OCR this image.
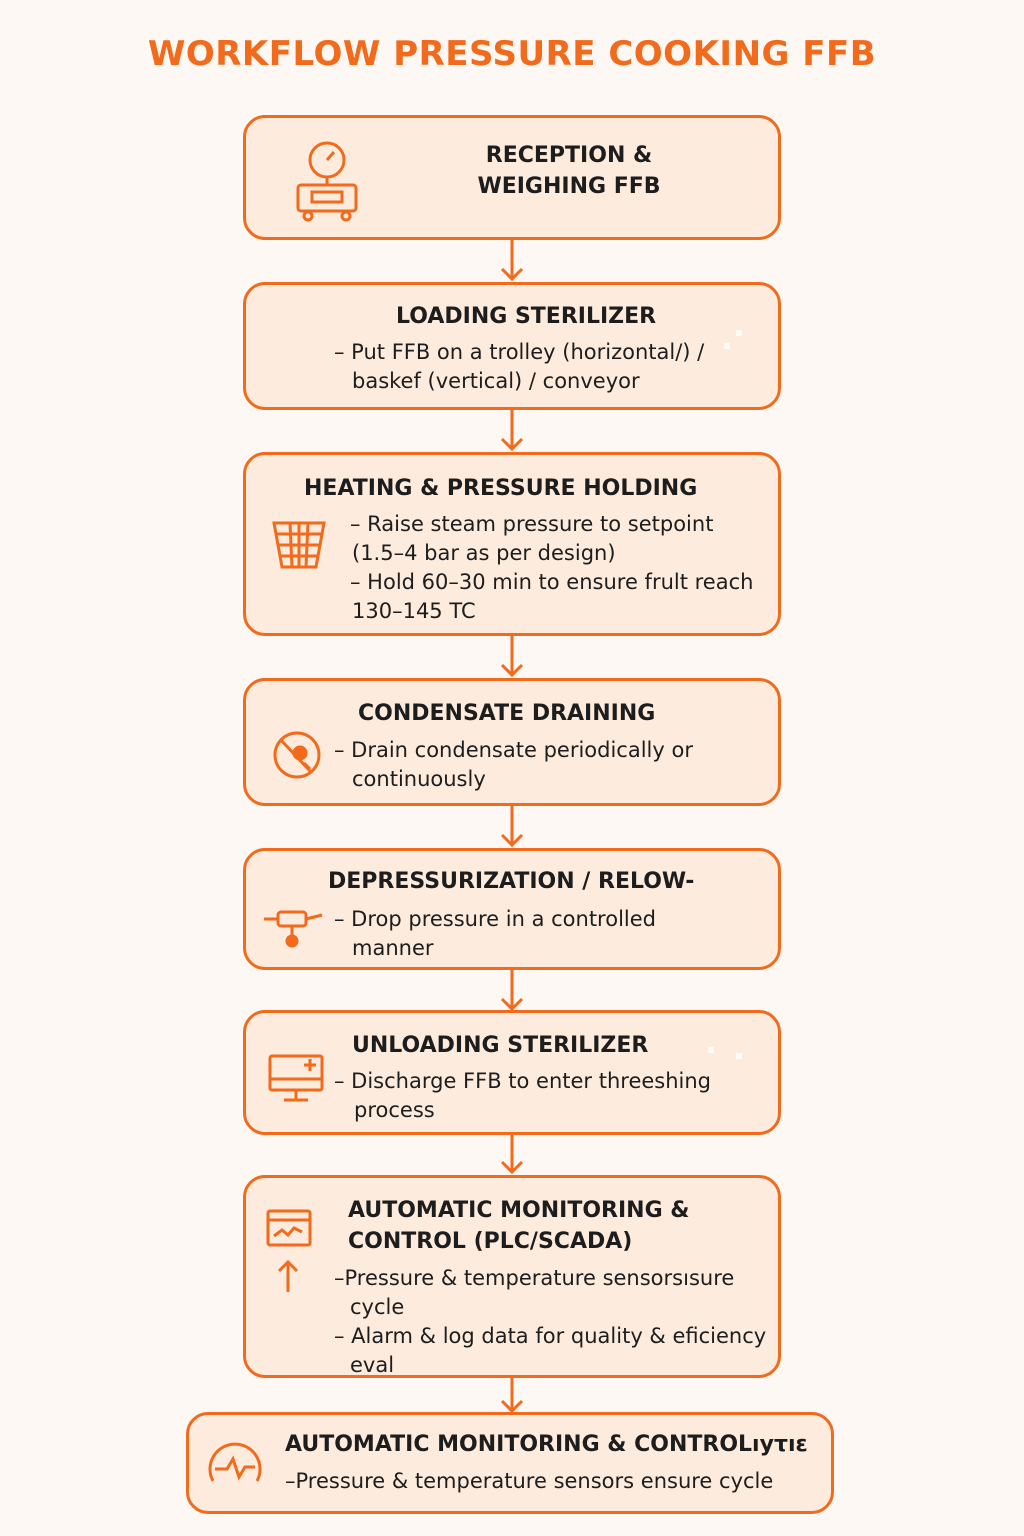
WORKFLOW PRESSURE COOKING FFB
RECEPTION &
WEIGHING FFB
LOADING STERILIZER
– Put FFB on a trolley (horizontal/) /
baskef (vertical) / conveyor
HEATING & PRESSURE HOLDING
– Raise steam pressure to setpoint
(1.5–4 bar as per design)
– Hold 60–30 min to ensure frult reach
130–145 TC
CONDENSATE DRAINING
– Drain condensate periodically or
continuously
DEPRESSURIZATION / RELOW-
– Drop pressure in a controlled
manner
UNLOADING STERILIZER
– Discharge FFB to enter threeshing
process
AUTOMATIC MONITORING &
CONTROL (PLC/SCADA)
–Pressure & temperature sensorsısure
cycle
– Alarm & log data for quality & eficiency
eval
AUTOMATIC MONITORING & CONTROLıyτıε
–Pressure & temperature sensors ensure cycle
